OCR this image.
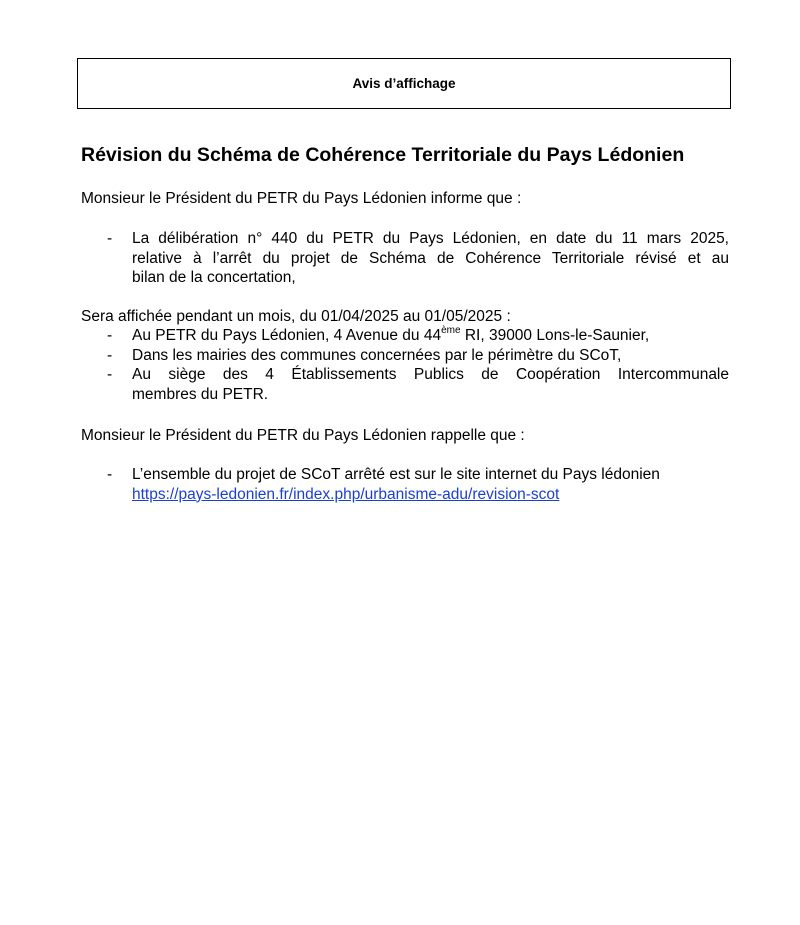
Avis d’affichage
Révision du Schéma de Cohérence Territoriale du Pays Lédonien

Monsieur le Président du PETR du Pays Lédonien informe que :

- La délibération n° 440 du PETR du Pays Lédonien, en date du 11 mars 2025,
relative à l’arrêt du projet de Schéma de Cohérence Territoriale révisé et au
bilan de la concertation,

Sera affichée pendant un mois, du 01/04/2025 au 01/05/2025 :

- Au PETR du Pays Lédonien, 4 Avenue du 44ème RI, 39000 Lons-le-Saunier,
- Dans les mairies des communes concernées par le périmètre du SCoT,
- Au siège des 4 Établissements Publics de Coopération Intercommunale
membres du PETR.

Monsieur le Président du PETR du Pays Lédonien rappelle que :

- L’ensemble du projet de SCoT arrêté est sur le site internet du Pays lédonien
https://pays-ledonien.fr/index.php/urbanisme-adu/revision-scot
